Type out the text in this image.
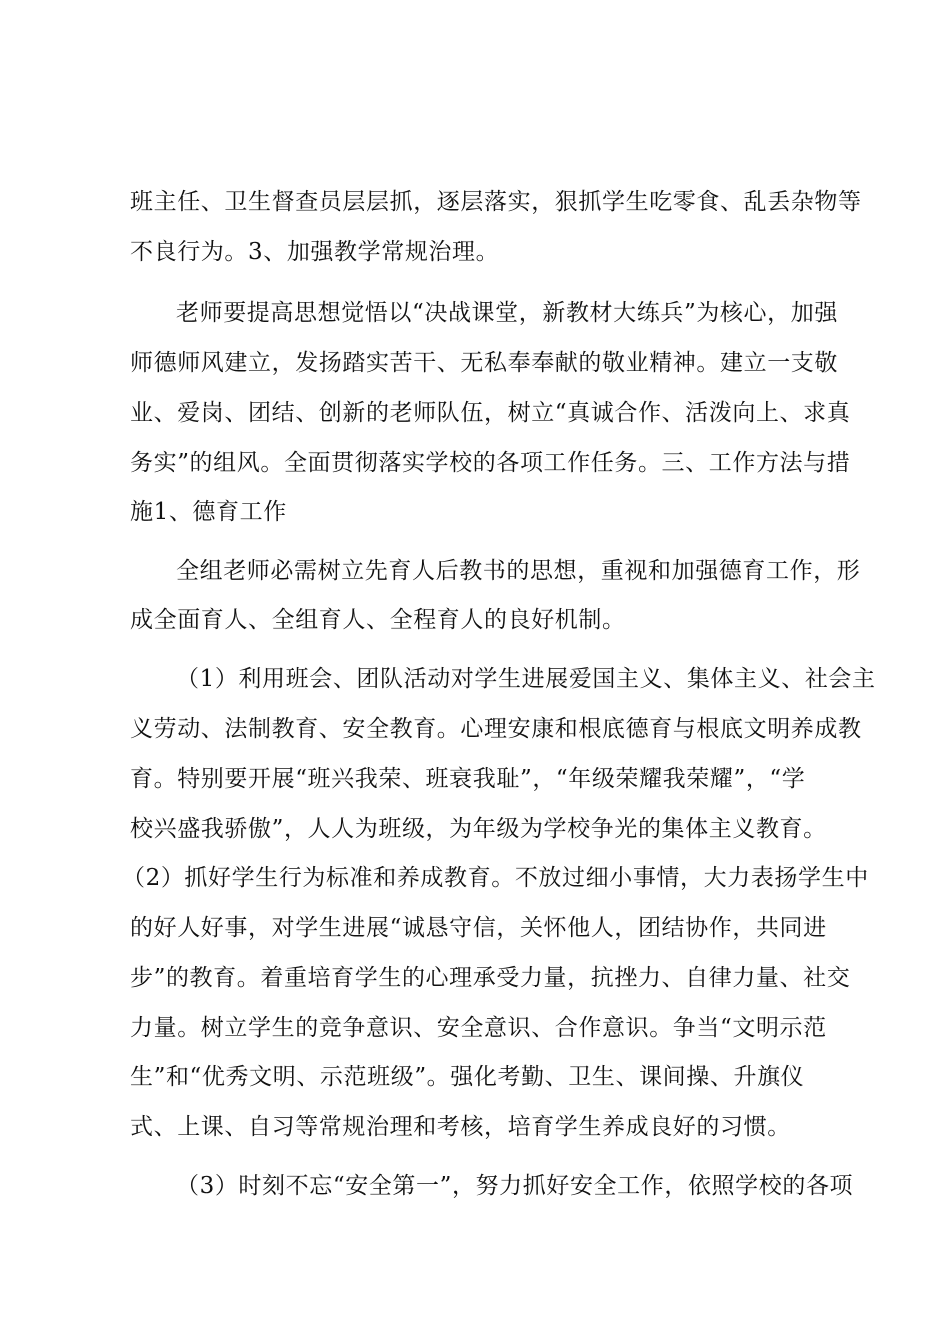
班主任、卫生督查员层层抓，逐层落实，狠抓学生吃零食、乱丢杂物等
不良行为。3、加强教学常规治理。
老师要提高思想觉悟以“决战课堂，新教材大练兵”为核心，加强
师德师风建立，发扬踏实苦干、无私奉奉献的敬业精神。建立一支敬
业、爱岗、团结、创新的老师队伍，树立“真诚合作、活泼向上、求真
务实”的组风。全面贯彻落实学校的各项工作任务。三、工作方法与措
施1、德育工作
全组老师必需树立先育人后教书的思想，重视和加强德育工作，形
成全面育人、全组育人、全程育人的良好机制。
（1）利用班会、团队活动对学生进展爱国主义、集体主义、社会主
义劳动、法制教育、安全教育。心理安康和根底德育与根底文明养成教
育。特别要开展“班兴我荣、班衰我耻”，“年级荣耀我荣耀”，“学
校兴盛我骄傲”，人人为班级，为年级为学校争光的集体主义教育。
（2）抓好学生行为标准和养成教育。不放过细小事情，大力表扬学生中
的好人好事，对学生进展“诚恳守信，关怀他人，团结协作，共同进
步”的教育。着重培育学生的心理承受力量，抗挫力、自律力量、社交
力量。树立学生的竞争意识、安全意识、合作意识。争当“文明示范
生”和“优秀文明、示范班级”。强化考勤、卫生、课间操、升旗仪
式、上课、自习等常规治理和考核，培育学生养成良好的习惯。
（3）时刻不忘“安全第一”，努力抓好安全工作，依照学校的各项
